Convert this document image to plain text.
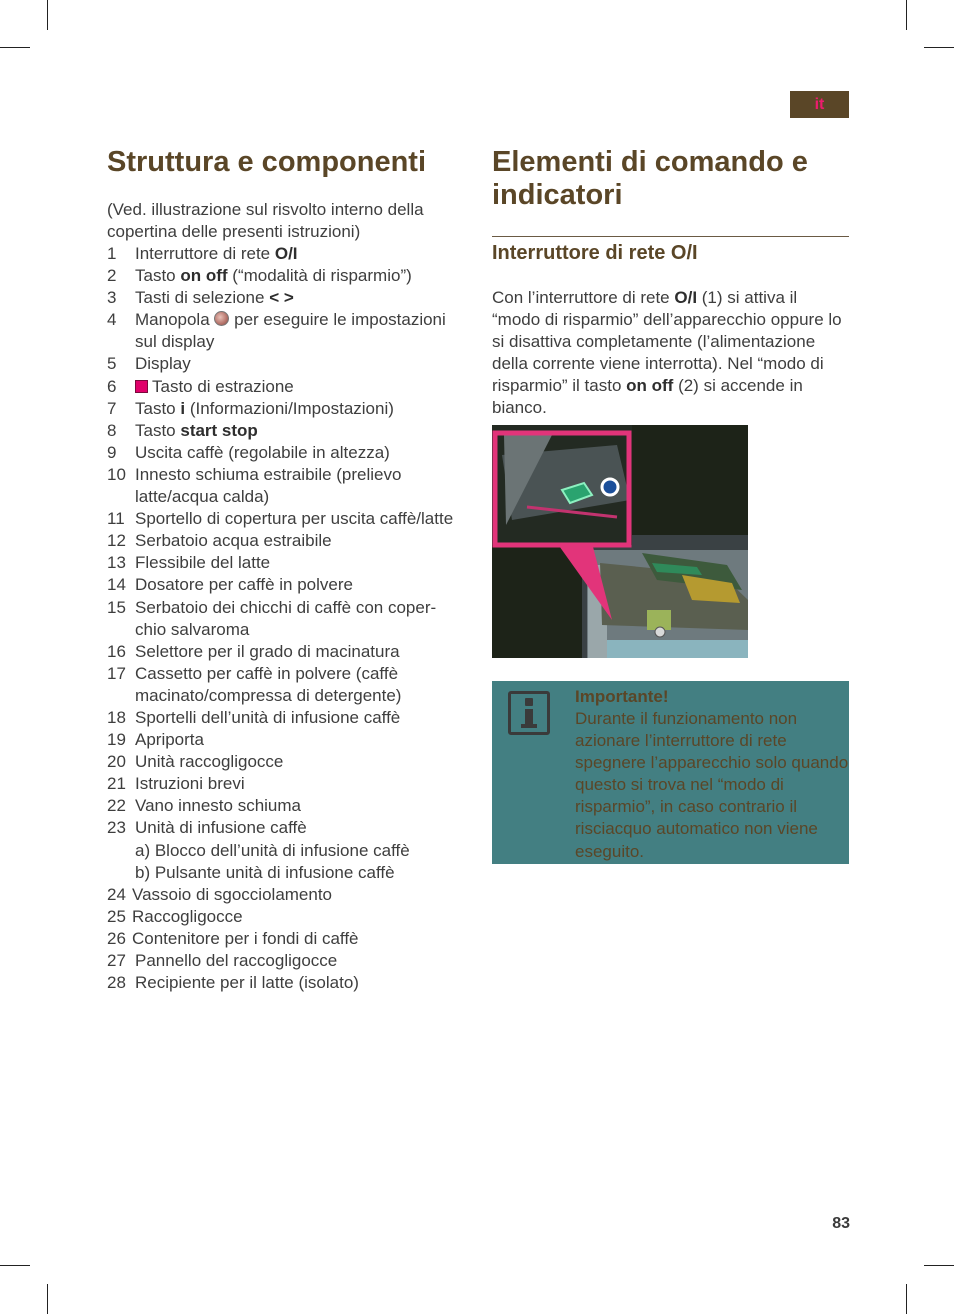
it
Struttura e componenti
(Ved. illustrazione sul risvolto interno della copertina delle presenti istruzioni)
1 Interruttore di rete O/I
2 Tasto on off (“modalità di risparmio”)
3 Tasti di selezione < >
4 Manopola  per eseguire le impostazioni sul display
5 Display
6 Tasto di estrazione
7 Tasto i (Informazioni/Impostazioni)
8 Tasto start stop
9 Uscita caffè (regolabile in altezza)
10 Innesto schiuma estraibile (prelievo latte/acqua calda)
11 Sportello di copertura per uscita caffè/latte
12 Serbatoio acqua estraibile
13 Flessibile del latte
14 Dosatore per caffè in polvere
15 Serbatoio dei chicchi di caffè con coper-chio salvaroma
16 Selettore per il grado di macinatura
17 Cassetto per caffè in polvere (caffè macinato/compressa di detergente)
18 Sportelli dell’unità di infusione caffè
19 Apriporta
20 Unità raccogligocce
21 Istruzioni brevi
22 Vano innesto schiuma
23 Unità di infusione caffè
a) Blocco dell’unità di infusione caffè
b) Pulsante unità di infusione caffè
24 Vassoio di sgocciolamento
25 Raccogligocce
26 Contenitore per i fondi di caffè
27 Pannello del raccogligocce
28 Recipiente per il latte (isolato)
Elementi di comando e indicatori
Interruttore di rete O/I
Con l’interruttore di rete O/I (1) si attiva il “modo di risparmio” dell’apparecchio oppure lo si disattiva completamente (l’alimentazione della corrente viene interrotta). Nel “modo di risparmio” il tasto on off (2) si accende in bianco.
Importante!
Durante il funzionamento non azionare l’interruttore di rete spegnere l’apparecchio solo quando questo si trova nel “modo di risparmio”, in caso contrario il risciacquo automatico non viene eseguito.
83
